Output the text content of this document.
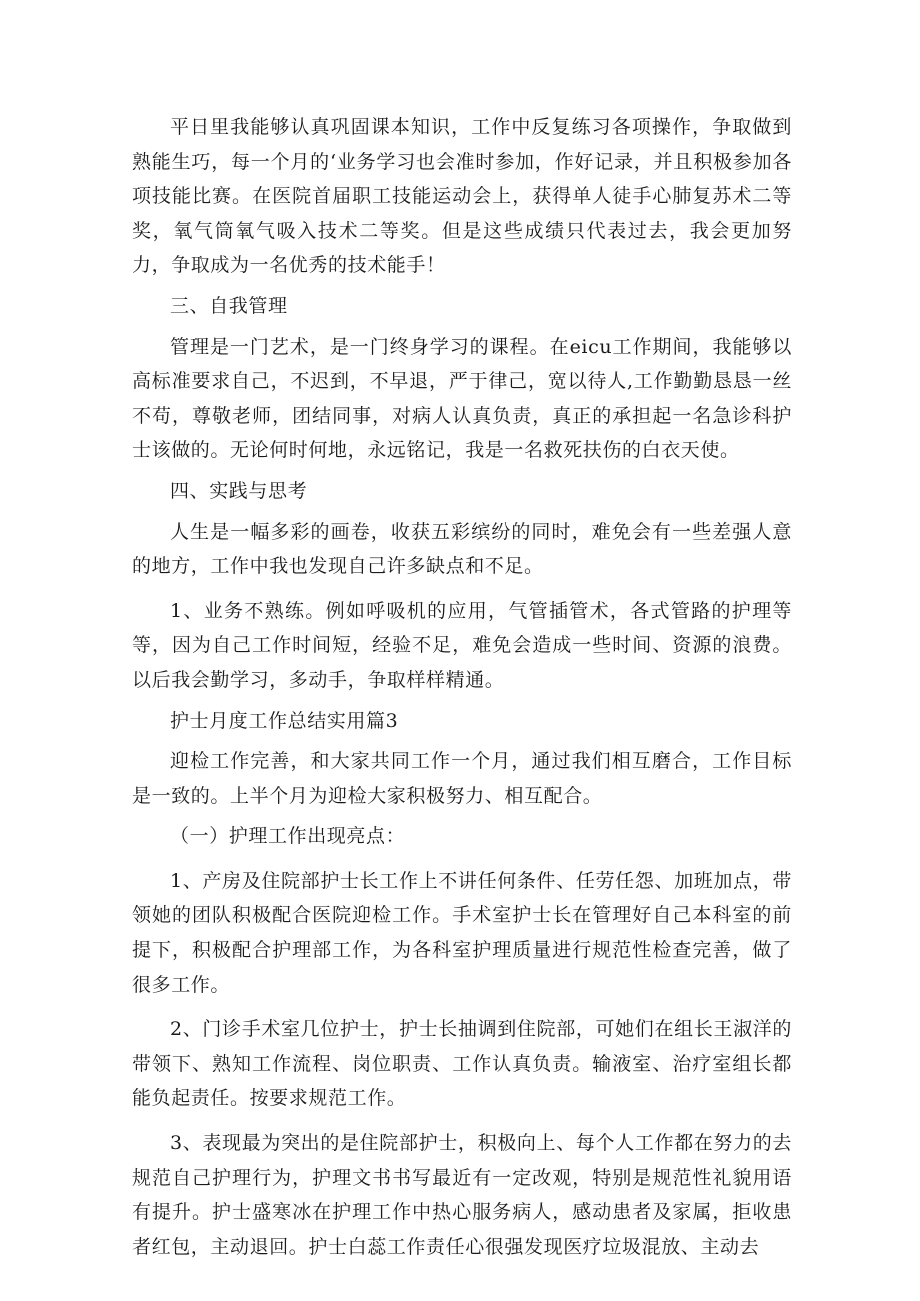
平日里我能够认真巩固课本知识，工作中反复练习各项操作，争取做到熟能生巧，每一个月的‘业务学习也会准时参加，作好记录，并且积极参加各项技能比赛。在医院首届职工技能运动会上，获得单人徒手心肺复苏术二等奖，氧气筒氧气吸入技术二等奖。但是这些成绩只代表过去，我会更加努力，争取成为一名优秀的技术能手！

三、自我管理

管理是一门艺术，是一门终身学习的课程。在eicu工作期间，我能够以高标准要求自己，不迟到，不早退，严于律己，宽以待人,工作勤勤恳恳一丝不苟，尊敬老师，团结同事，对病人认真负责，真正的承担起一名急诊科护士该做的。无论何时何地，永远铭记，我是一名救死扶伤的白衣天使。

四、实践与思考

人生是一幅多彩的画卷，收获五彩缤纷的同时，难免会有一些差强人意的地方，工作中我也发现自己许多缺点和不足。

1、业务不熟练。例如呼吸机的应用，气管插管术，各式管路的护理等等，因为自己工作时间短，经验不足，难免会造成一些时间、资源的浪费。以后我会勤学习，多动手，争取样样精通。

护士月度工作总结实用篇3

迎检工作完善，和大家共同工作一个月，通过我们相互磨合，工作目标是一致的。上半个月为迎检大家积极努力、相互配合。

（一）护理工作出现亮点：

1、产房及住院部护士长工作上不讲任何条件、任劳任怨、加班加点，带领她的团队积极配合医院迎检工作。手术室护士长在管理好自己本科室的前提下，积极配合护理部工作，为各科室护理质量进行规范性检查完善，做了很多工作。

2、门诊手术室几位护士，护士长抽调到住院部，可她们在组长王淑洋的带领下、熟知工作流程、岗位职责、工作认真负责。输液室、治疗室组长都能负起责任。按要求规范工作。

3、表现最为突出的是住院部护士，积极向上、每个人工作都在努力的去规范自己护理行为，护理文书书写最近有一定改观，特别是规范性礼貌用语有提升。护士盛寒冰在护理工作中热心服务病人，感动患者及家属，拒收患者红包，主动退回。护士白蕊工作责任心很强发现医疗垃圾混放、主动去
